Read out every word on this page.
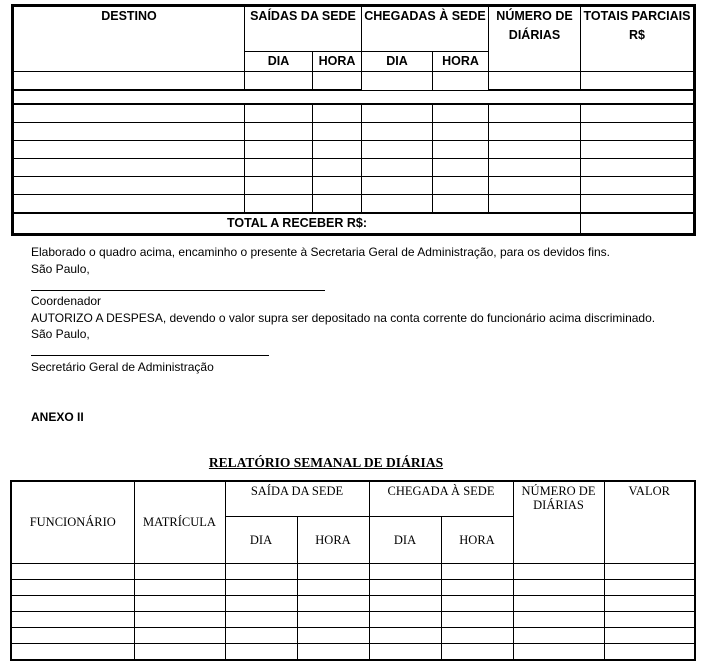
DESTINO	SAÍDAS DA SEDE		CHEGADAS À SEDE		NÚMERO DE DIÁRIAS	TOTAIS PARCIAIS R$
	DIA	HORA	DIA	HORA		

TOTAL A RECEBER R$:						
Elaborado o quadro acima, encaminho o presente à Secretaria Geral de Administração, para os devidos fins.
São Paulo,
Coordenador
AUTORIZO A DESPESA, devendo o valor supra ser depositado na conta corrente do funcionário acima discriminado.
São Paulo,
Secretário Geral de Administração
ANEXO II
RELATÓRIO SEMANAL DE DIÁRIAS
FUNCIONÁRIO	MATRÍCULA	SAÍDA DA SEDE		CHEGADA À SEDE		NÚMERO DE DIÁRIAS	VALOR
		DIA	HORA	DIA	HORA		
